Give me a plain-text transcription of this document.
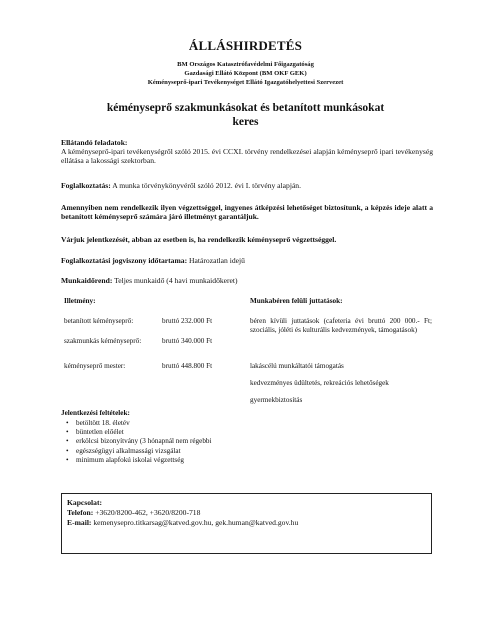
ÁLLÁSHIRDETÉS
BM Országos Katasztrófavédelmi Főigazgatóság
Gazdasági Ellátó Központ (BM OKF GEK)
Kéményseprő-ipari Tevékenységet Ellátó Igazgatóhelyettesi Szervezet
kéményseprő szakmunkásokat és betanított munkásokat
keres
Ellátandó feladatok:
A kéményseprő-ipari tevékenységről szóló 2015. évi CCXI. törvény rendelkezései alapján kéményseprő ipari tevékenység ellátása a lakossági szektorban.
Foglalkoztatás: A munka törvénykönyvéről szóló 2012. évi I. törvény alapján.
Amennyiben nem rendelkezik ilyen végzettséggel, ingyenes átképzési lehetőséget biztosítunk, a képzés ideje alatt a betanított kéményseprő számára járó illetményt garantáljuk.
Várjuk jelentkezését, abban az esetben is, ha rendelkezik kéményseprő végzettséggel.
Foglalkoztatási jogviszony időtartama: Határozatlan idejű
Munkaidőrend: Teljes munkaidő (4 havi munkaidőkeret)
Illetmény:
betanított kéményseprő:	bruttó 232.000 Ft
szakmunkás kéményseprő:	bruttó 340.000 Ft
kéményseprő mester:	bruttó 448.800 Ft
Munkabéren felüli juttatások:
béren kívüli juttatások (cafeteria évi bruttó 200 000.- Ft; szociális, jóléti és kulturális kedvezmények, támogatások)
lakáscélú munkáltatói támogatás
kedvezményes üdültetés, rekreációs lehetőségek
gyermekbiztosítás
Jelentkezési feltételek:
• betöltött 18. életév
• büntetlen előélet
• erkölcsi bizonyítvány (3 hónapnál nem régebbi
• egészségügyi alkalmassági vizsgálat
• minimum alapfokú iskolai végzettség
Kapcsolat:
Telefon: +3620/8200-462, +3620/8200-718
E-mail: kemenysepro.titkarsag@katved.gov.hu, gek.human@katved.gov.hu
